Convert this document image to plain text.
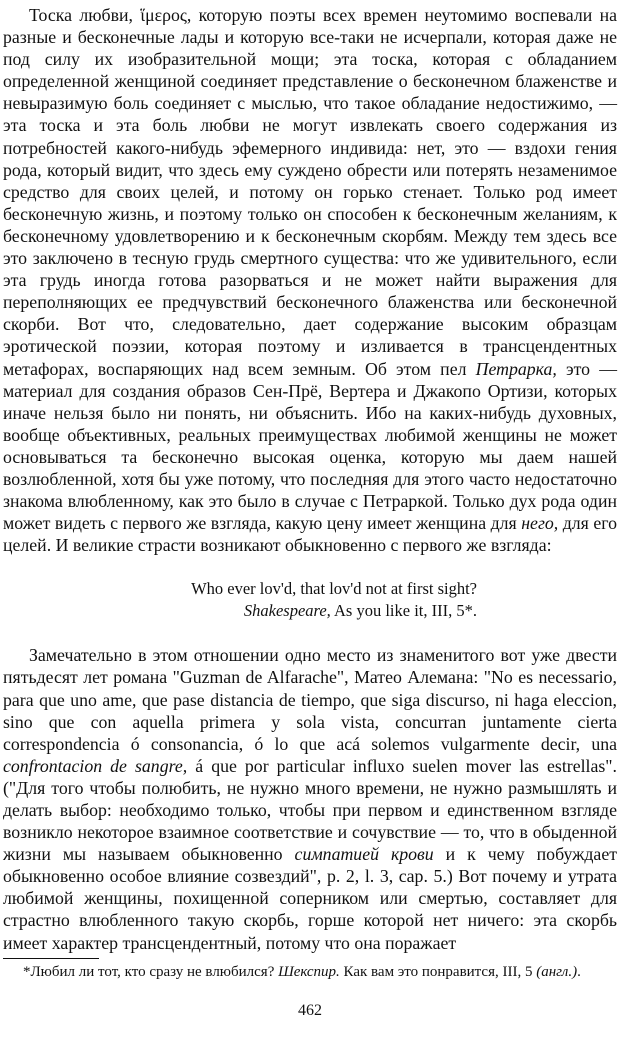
Тоска любви, ἵμερος, которую поэты всех времен неутомимо воспевали на разные и бесконечные лады и которую все-таки не исчерпали, которая даже не под силу их изобразительной мощи; эта тоска, которая с обладанием определенной женщиной соединяет представление о бесконечном блаженстве и невыразимую боль соединяет с мыслью, что такое обладание недостижимо, — эта тоска и эта боль любви не могут извлекать своего содержания из потребностей какого-нибудь эфемерного индивида: нет, это — вздохи гения рода, который видит, что здесь ему суждено обрести или потерять незаменимое средство для своих целей, и потому он горько стенает. Только род имеет бесконечную жизнь, и поэтому только он способен к бесконечным желаниям, к бесконечному удовлетворению и к бесконечным скорбям. Между тем здесь все это заключено в тесную грудь смертного существа: что же удивительного, если эта грудь иногда готова разорваться и не может найти выражения для переполняющих ее предчувствий бесконечного блаженства или бесконечной скорби. Вот что, следовательно, дает содержание высоким образцам эротической поэзии, которая поэтому и изливается в трансцендентных метафорах, воспаряющих над всем земным. Об этом пел Петрарка, это — материал для создания образов Сен-Прё, Вертера и Джакопо Ортизи, которых иначе нельзя было ни понять, ни объяснить. Ибо на каких-нибудь духовных, вообще объективных, реальных преимуществах любимой женщины не может основываться та бесконечно высокая оценка, которую мы даем нашей возлюбленной, хотя бы уже потому, что последняя для этого часто недостаточно знакома влюбленному, как это было в случае с Петраркой. Только дух рода один может видеть с первого же взгляда, какую цену имеет женщина для него, для его целей. И великие страсти возникают обыкновенно с первого же взгляда:

Who ever lov'd, that lov'd not at first sight?
Shakespeare, As you like it, III, 5*.

Замечательно в этом отношении одно место из знаменитого вот уже двести пятьдесят лет романа "Guzman de Alfarache", Матео Алемана: "No es necessario, para que uno ame, que pase distancia de tiempo, que siga discurso, ni haga eleccion, sino que con aquella primera y sola vista, concurran juntamente cierta correspondencia ó consonancia, ó lo que acá solemos vulgarmente decir, una confrontacion de sangre, á que por particular influxo suelen mover las estrellas". ("Для того чтобы полюбить, не нужно много времени, не нужно размышлять и делать выбор: необходимо только, чтобы при первом и единственном взгляде возникло некоторое взаимное соответствие и сочувствие — то, что в обыденной жизни мы называем обыкновенно симпатией крови и к чему побуждает обыкновенно особое влияние созвездий", p. 2, l. 3, cap. 5.) Вот почему и утрата любимой женщины, похищенной соперником или смертью, составляет для страстно влюбленного такую скорбь, горше которой нет ничего: эта скорбь имеет характер трансцендентный, потому что она поражает

*Любил ли тот, кто сразу не влюбился? Шекспир. Как вам это понравится, III, 5 (англ.).

462
